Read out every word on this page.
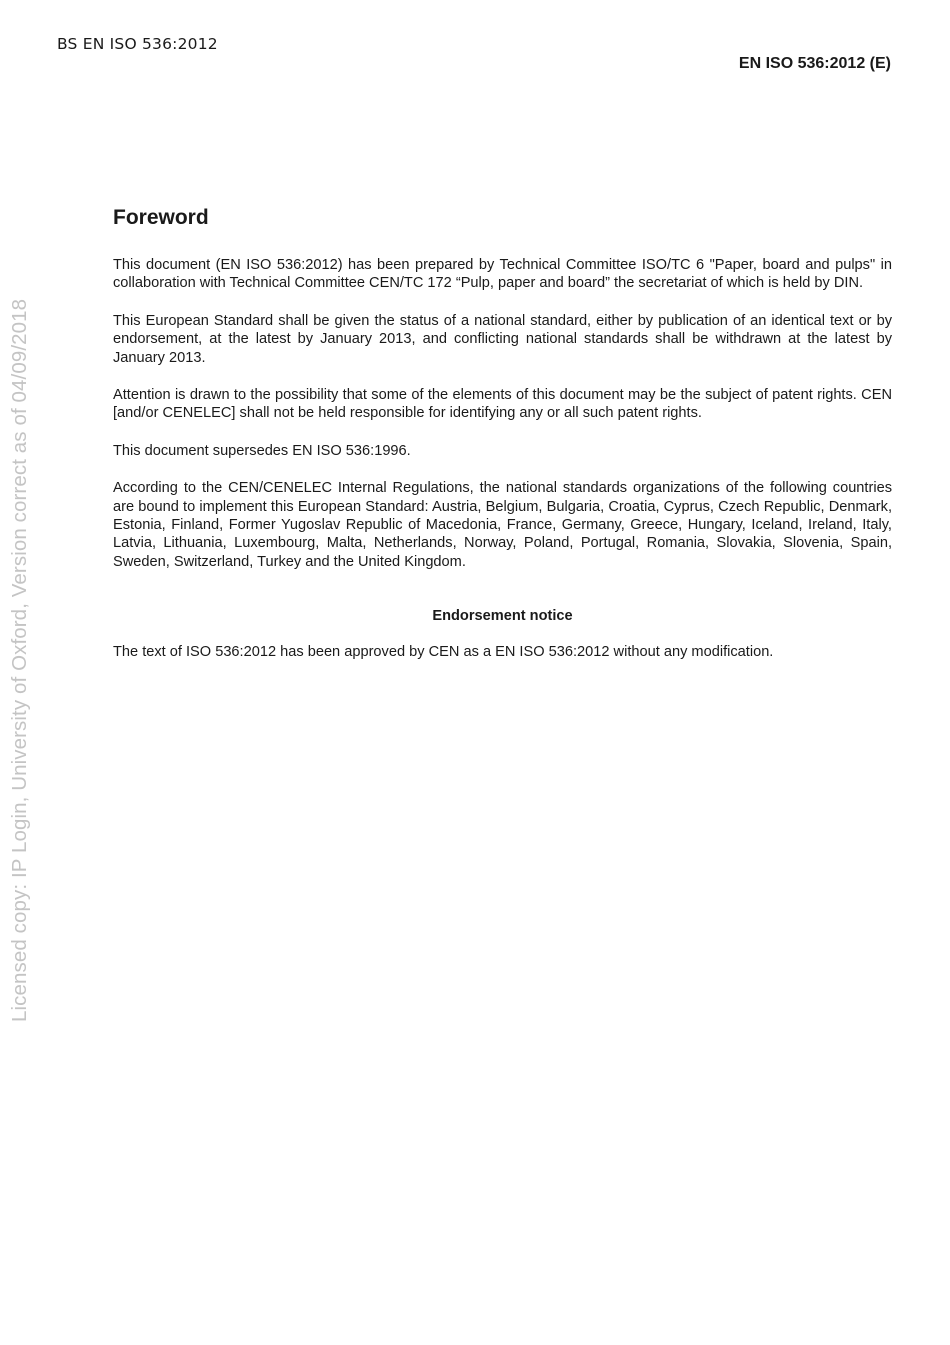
BS EN ISO 536:2012
EN ISO 536:2012 (E)
Licensed copy: IP Login, University of Oxford, Version correct as of 04/09/2018
Foreword

This document (EN ISO 536:2012) has been prepared by Technical Committee ISO/TC 6 "Paper, board and pulps" in collaboration with Technical Committee CEN/TC 172 “Pulp, paper and board” the secretariat of which is held by DIN.

This European Standard shall be given the status of a national standard, either by publication of an identical text or by endorsement, at the latest by January 2013, and conflicting national standards shall be withdrawn at the latest by January 2013.

Attention is drawn to the possibility that some of the elements of this document may be the subject of patent rights. CEN [and/or CENELEC] shall not be held responsible for identifying any or all such patent rights.

This document supersedes EN ISO 536:1996.

According to the CEN/CENELEC Internal Regulations, the national standards organizations of the following countries are bound to implement this European Standard: Austria, Belgium, Bulgaria, Croatia, Cyprus, Czech Republic, Denmark, Estonia, Finland, Former Yugoslav Republic of Macedonia, France, Germany, Greece, Hungary, Iceland, Ireland, Italy, Latvia, Lithuania, Luxembourg, Malta, Netherlands, Norway, Poland, Portugal, Romania, Slovakia, Slovenia, Spain, Sweden, Switzerland, Turkey and the United Kingdom.

Endorsement notice

The text of ISO 536:2012 has been approved by CEN as a EN ISO 536:2012 without any modification.
